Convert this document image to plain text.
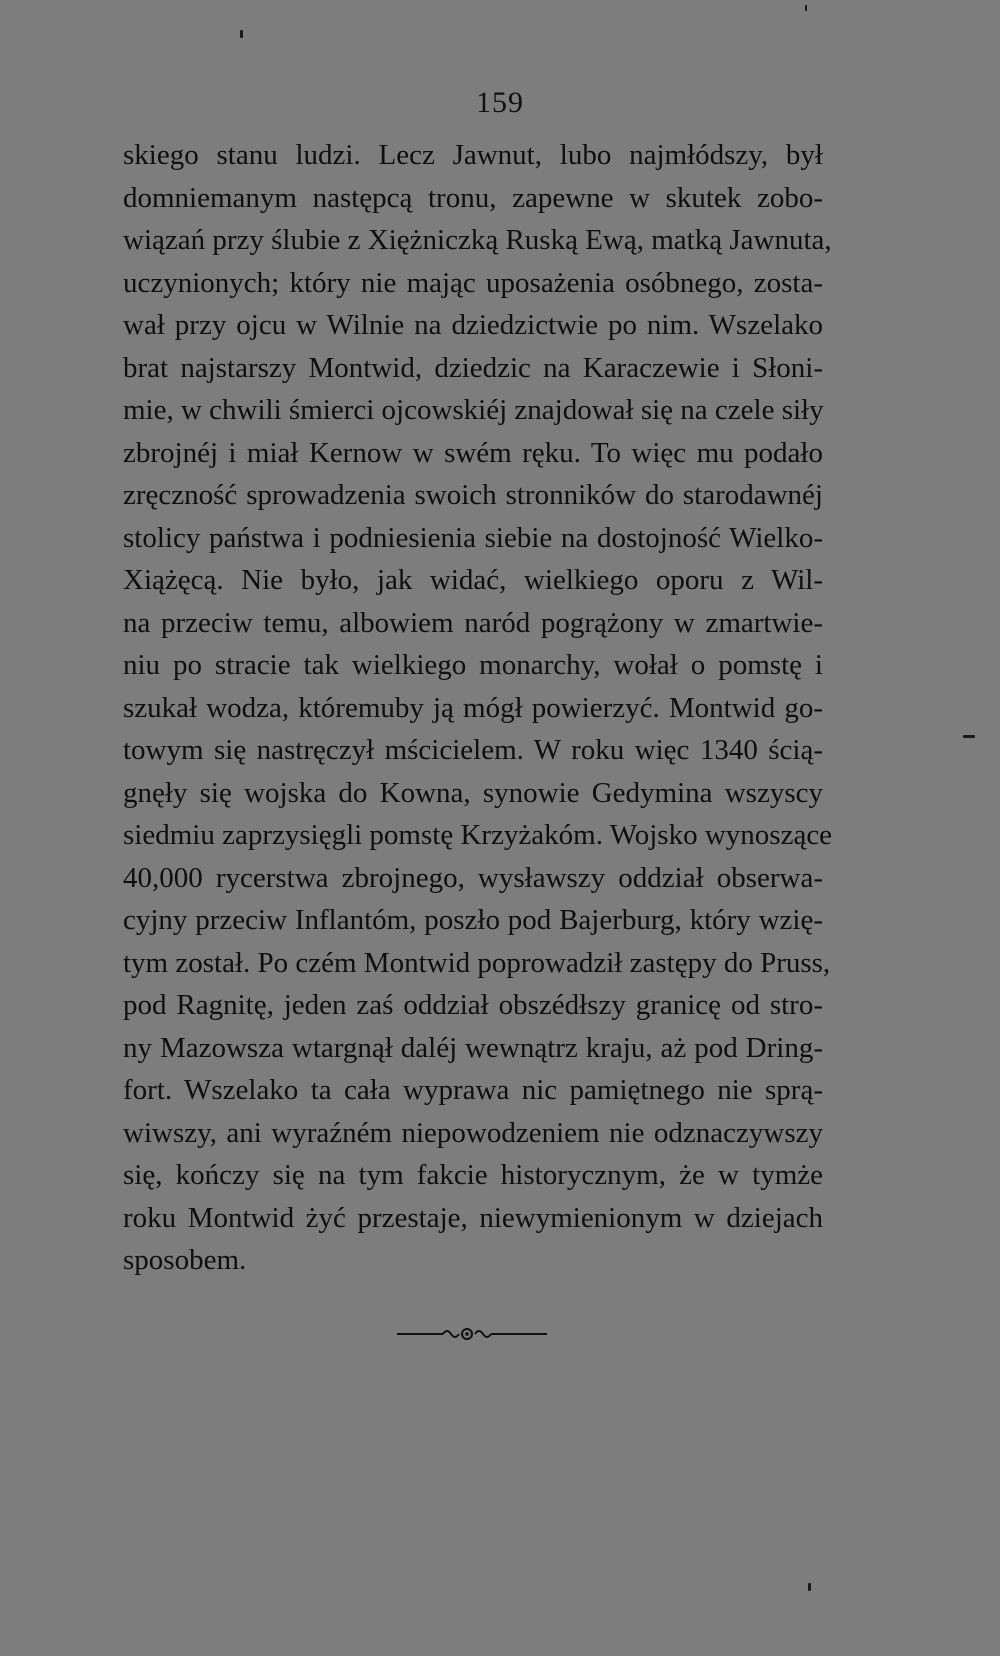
159
skiego stanu ludzi. Lecz Jawnut, lubo najmłódszy, był
domniemanym następcą tronu, zapewne w skutek zobo-
wiązań przy ślubie z Xiężniczką Ruską Ewą, matką Jawnuta,
uczynionych; który nie mając uposażenia osóbnego, zosta-
wał przy ojcu w Wilnie na dziedzictwie po nim. Wszelako
brat najstarszy Montwid, dziedzic na Karaczewie i Słoni-
mie, w chwili śmierci ojcowskiéj znajdował się na czele siły
zbrojnéj i miał Kernow w swém ręku. To więc mu podało
zręczność sprowadzenia swoich stronników do starodawnéj
stolicy państwa i podniesienia siebie na dostojność Wielko-
Xiążęcą. Nie było, jak widać, wielkiego oporu z Wil-
na przeciw temu, albowiem naród pogrążony w zmartwie-
niu po stracie tak wielkiego monarchy, wołał o pomstę i
szukał wodza, któremuby ją mógł powierzyć. Montwid go-
towym się nastręczył mścicielem. W roku więc 1340 ścią-
gnęły się wojska do Kowna, synowie Gedymina wszyscy
siedmiu zaprzysięgli pomstę Krzyżakóm. Wojsko wynoszące
40,000 rycerstwa zbrojnego, wysławszy oddział obserwa-
cyjny przeciw Inflantóm, poszło pod Bajerburg, który wzię-
tym został. Po czém Montwid poprowadził zastępy do Pruss,
pod Ragnitę, jeden zaś oddział obszédłszy granicę od stro-
ny Mazowsza wtargnął daléj wewnątrz kraju, aż pod Dring-
fort. Wszelako ta cała wyprawa nic pamiętnego nie sprą-
wiwszy, ani wyraźném niepowodzeniem nie odznaczywszy
się, kończy się na tym fakcie historycznym, że w tymże
roku Montwid żyć przestaje, niewymienionym w dziejach
sposobem.
